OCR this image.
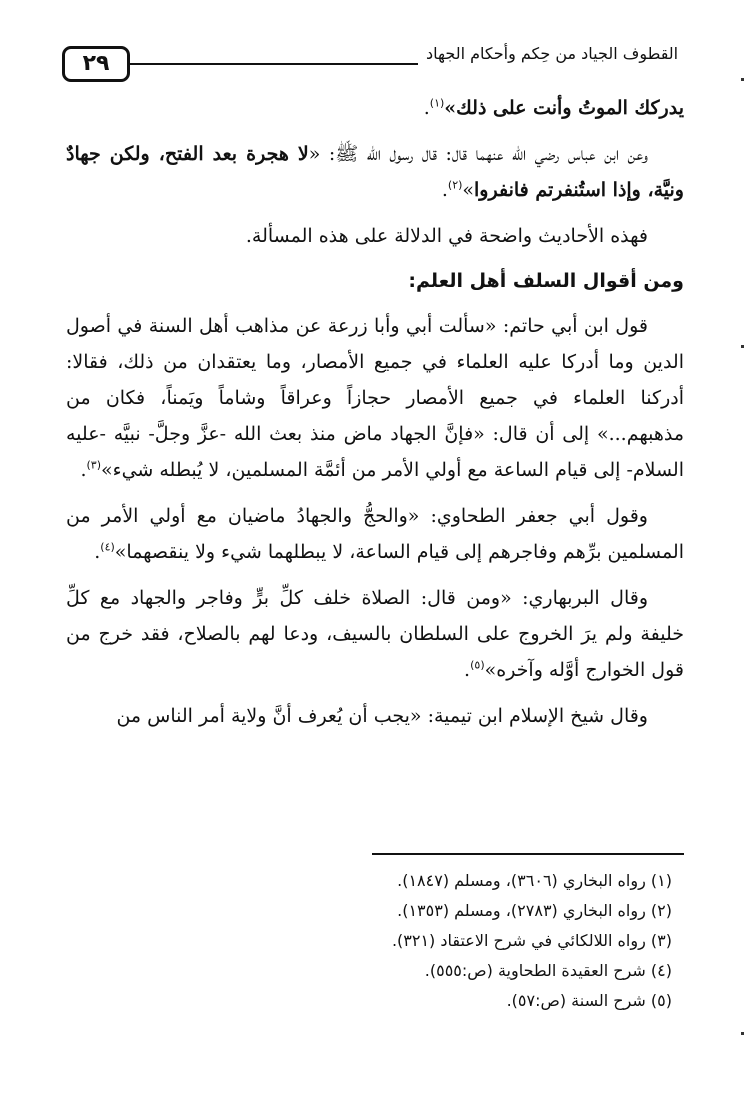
٢٩	القطوف الجياد من حِكم وأحكام الجهاد

يدركك الموتُ وأنت على ذلك»$^{(١)}$.

وعن ابن عباس رضي الله عنهما قال: قال رسول الله ﷺ: «لا هجرة بعد الفتح، ولكن جهادٌ ونيَّة، وإذا استُنفرتم فانفروا»$^{(٢)}$.

فهذه الأحاديث واضحة في الدلالة على هذه المسألة.

ومن أقوال السلف أهل العلم:

قول ابن أبي حاتم: «سألت أبي وأبا زرعة عن مذاهب أهل السنة في أصول الدين وما أدركا عليه العلماء في جميع الأمصار، وما يعتقدان من ذلك، فقالا: أدركنا العلماء في جميع الأمصار حجازاً وعراقاً وشاماً ويَمناً، فكان من مذهبهم...» إلى أن قال: «فإنَّ الجهاد ماض منذ بعث الله -عزَّ وجلَّ- نبيَّه -عليه السلام- إلى قيام الساعة مع أولي الأمر من أئمَّة المسلمين، لا يُبطله شيء»$^{(٣)}$.

وقول أبي جعفر الطحاوي: «والحجُّ والجهادُ ماضيان مع أولي الأمر من المسلمين برِّهم وفاجرهم إلى قيام الساعة، لا يبطلهما شيء ولا ينقصهما»$^{(٤)}$.

وقال البربهاري: «ومن قال: الصلاة خلف كلِّ برٍّ وفاجر والجهاد مع كلِّ خليفة ولم يرَ الخروج على السلطان بالسيف، ودعا لهم بالصلاح، فقد خرج من قول الخوارج أوَّله وآخره»$^{(٥)}$.

وقال شيخ الإسلام ابن تيمية: «يجب أن يُعرف أنَّ ولاية أمر الناس من

(١) رواه البخاري (٣٦٠٦)، ومسلم (١٨٤٧).
(٢) رواه البخاري (٢٧٨٣)، ومسلم (١٣٥٣).
(٣) رواه اللالكائي في شرح الاعتقاد (٣٢١).
(٤) شرح العقيدة الطحاوية (ص:٥٥٥).
(٥) شرح السنة (ص:٥٧).
